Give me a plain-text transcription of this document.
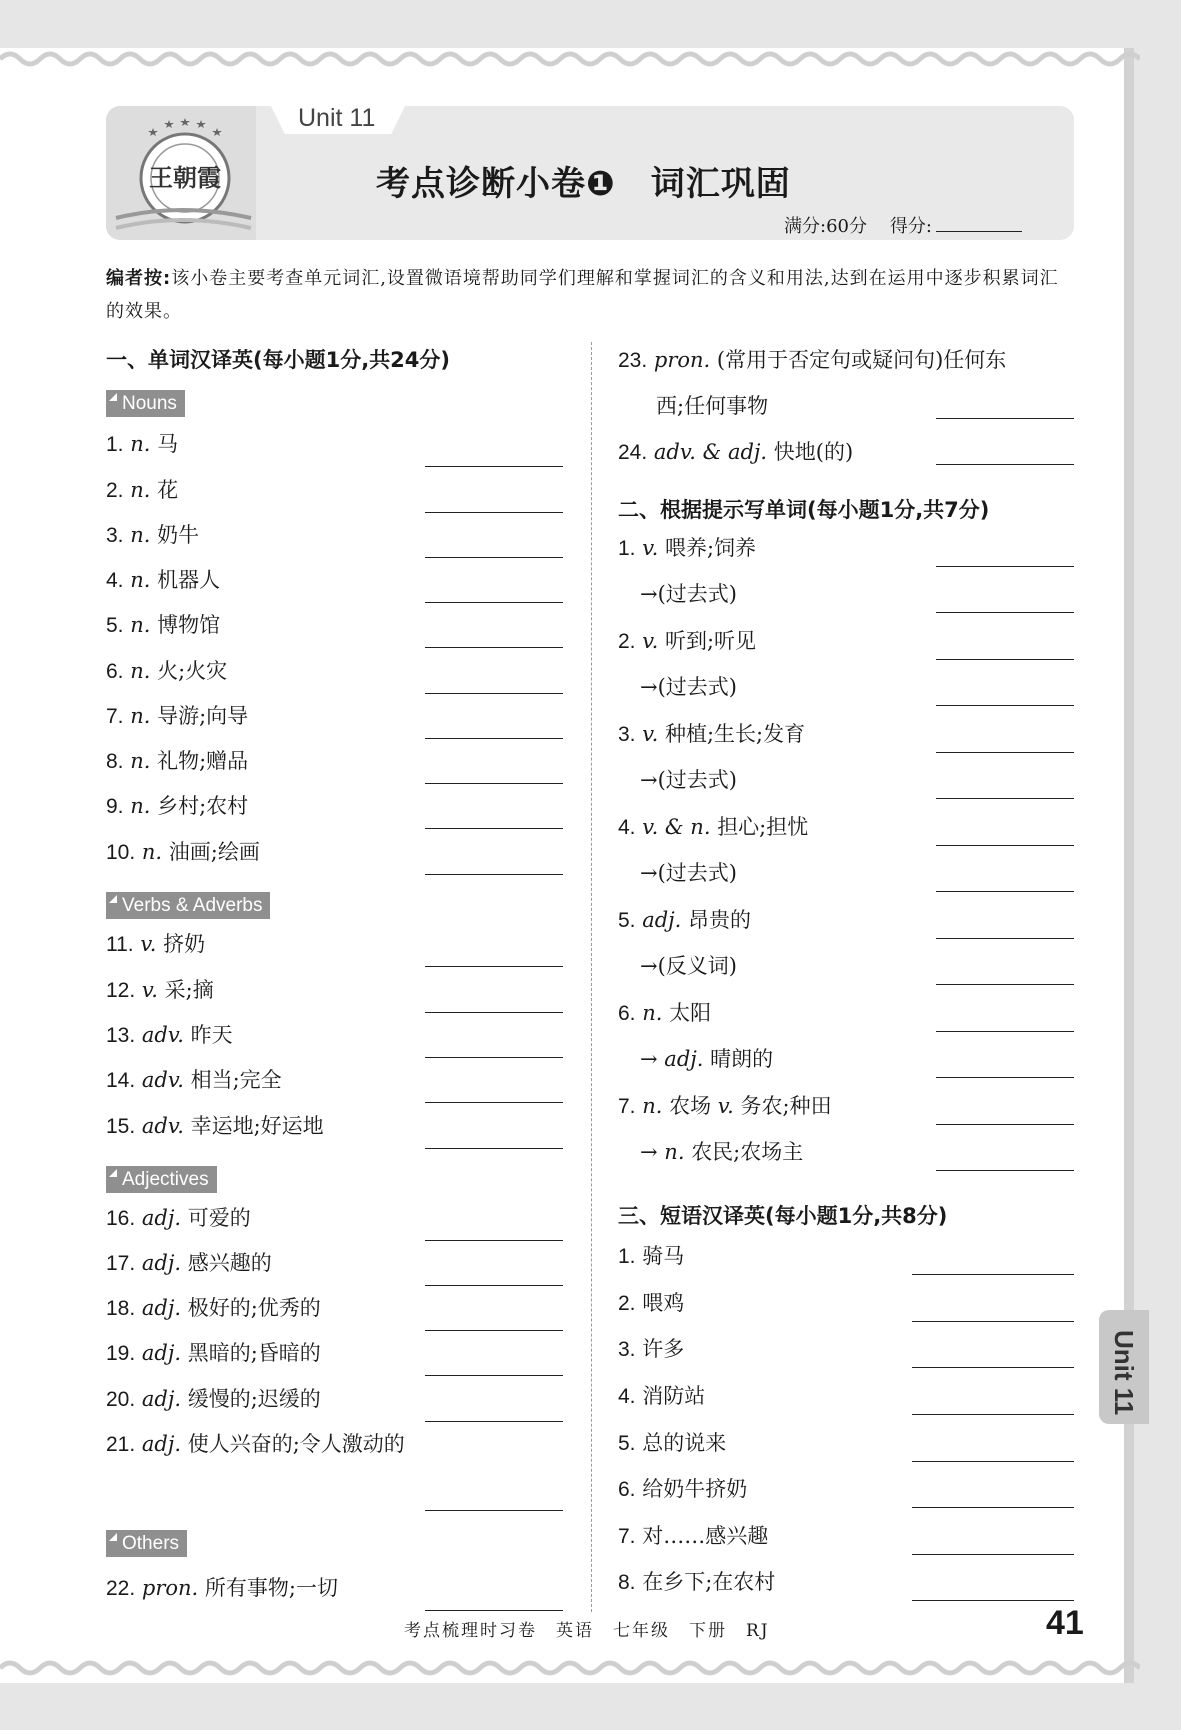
王朝霞
Unit 11
考点诊断小卷❶　词汇巩固
满分:60分 得分:
编者按:该小卷主要考查单元词汇,设置微语境帮助同学们理解和掌握词汇的含义和用法,达到在运用中逐步积累词汇的效果。
一、单词汉译英(每小题1分,共24分)
Nouns
1. n. 马
2. n. 花
3. n. 奶牛
4. n. 机器人
5. n. 博物馆
6. n. 火;火灾
7. n. 导游;向导
8. n. 礼物;赠品
9. n. 乡村;农村
10. n. 油画;绘画
Verbs & Adverbs
11. v. 挤奶
12. v. 采;摘
13. adv. 昨天
14. adv. 相当;完全
15. adv. 幸运地;好运地
Adjectives
16. adj. 可爱的
17. adj. 感兴趣的
18. adj. 极好的;优秀的
19. adj. 黑暗的;昏暗的
20. adj. 缓慢的;迟缓的
21. adj. 使人兴奋的;令人激动的
Others
22. pron. 所有事物;一切
23. pron. (常用于否定句或疑问句)任何东
西;任何事物
24. adv. & adj. 快地(的)
二、根据提示写单词(每小题1分,共7分)
1. v. 喂养;饲养
→(过去式)
2. v. 听到;听见
→(过去式)
3. v. 种植;生长;发育
→(过去式)
4. v. & n. 担心;担忧
→(过去式)
5. adj. 昂贵的
→(反义词)
6. n. 太阳
→ adj. 晴朗的
7. n. 农场 v. 务农;种田
→ n. 农民;农场主
三、短语汉译英(每小题1分,共8分)
1. 骑马
2. 喂鸡
3. 许多
4. 消防站
5. 总的说来
6. 给奶牛挤奶
7. 对……感兴趣
8. 在乡下;在农村
Unit 11
考点梳理时习卷　英语　七年级　下册　RJ	41
